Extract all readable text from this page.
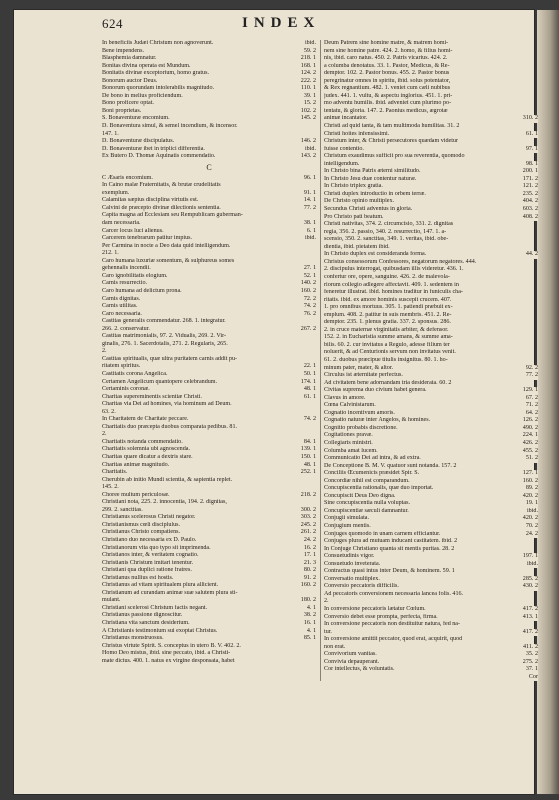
624	INDEX
In beneficiis Judæi Christum non agnoverunt.	ibid.
Bene impendens.	59. 2
Blasphemia damnatur.	218. 1
Bonitas divina operata est Mundum.	168. 1
Bonitatis divinæ exceptorium, homo gratus.	124. 2
Bonorum auctor Deus.	222. 2
Bonorum quorundam intolerabilis magnitudo.	110. 1
De bono in melius proficiendum.	39. 1
Bono proficere optat.	15. 2
Boni proprietas.	102. 2
S. Bonaventuræ encomium.	145. 2
D. Bonaventura simul, & semel incendium, & incensor.
147. 1.
D. Bonaventuræ discipulatus.	146. 2
D. Bonaventuræ ibet in triplici differentia.	ibid.
Ex Butero D. Thomæ Aquinatis commendatio.	143. 2
C
C Æsaris encomium.	96. 1
In Caino malæ Fraternitatis, & brutæ crudelitatis
exemplum.	91. 1
Calamitas sæpius disciplina virtutis est.	14. 1
Calvini de præcepto divinæ dilectionis sententia.	77. 2
Capita magna ad Ecclesiam seu Rempublicam guberman-
dam necessaria.	38. 1
Carcer locus luci alienus.	6. 1
Carcerem tenebrarum patitur impius.	ibid.
Per Carmina in nocte a Deo data quid intelligendum.
212. 1.
Caro humana luxuriæ somentum, & sulphureus somes
gehennalis incendii.	27. 1
Caro ignobilitatis elogium.	52. 1
Carnis resurrectio.	140. 2
Caro humana ad delictum prona.	160. 2
Carnis dignitas.	72. 2
Carnis utilitas.	74. 2
Caro necessaria.	76. 2
Castitas generalis commendatur. 268. 1. integratur.
266. 2. conservatur.	267. 2
Castitas matrimonialis, 97. 2. Vidualis, 269. 2. Vir-
ginalis, 276. 1. Sacerdotalis, 271. 2. Regularis, 265.
2.
Castitas spiritualis, quæ ultra puritatem carnis addit pu-
ritatem spiritus.	22. 1
Castitatis corona Angelica.	50. 1
Certamen Angelicum quantopere celebrandum.	174. 1
Certaminis coronæ.	48. 1
Charitas supereminentis scientiæ Christi.	61. 1
Charitas via Dei ad homines, via hominum ad Deum.
63. 2.
In Charitatem de Charitate peccare.	74. 2
Charitatis duo præcepta duobus comparata pedibus. 81.
2.
Charitatis notanda commendatio.	84. 1
Charitatis solemnia ubi agnoscenda.	139. 1
Charitas quare dicatur a dextris stare.	150. 1
Charitas animæ magnitudo.	48. 1
Charitatis.	252. 1
Cherubin ab initio Mundi scientia, & sapientia replet.
145. 2.
Choree multum periculosæ.	218. 2
Christiani nota, 225. 2. innocentia, 194. 2. dignitas,
299. 2. sanctitas.	300. 2
Christianus scelerosus Christi negator.	303. 2
Christianismus cœli disciplulus.	245. 2
Christianus Christo compatiens.	261. 2
Christiano duo necessaria ex D. Paulo.	24. 2
Christianorum vita quo typo sit imprimenda.	16. 2
Christianos inter, & veritatem cognatio.	17. 1
Christianis Christum imitari tenentur.	21. 3
Christiani qua duplici ratione fratres.	80. 2
Christianus nullius est hostis.	91. 2
Christianus ad vitam spiritualem plura allicient.	160. 2
Christianum ad curandam animæ suæ salutem plura sti-
mulant.	180. 2
Christiani scelerosi Christum factis negant.	4. 1
Christianus passione dignoscitur.	38. 2
Christiana vita sanctum desiderium.	16. 1
A Christianis testimonium sui exoptat Christus.	4. 1
Christianus monstruosus.	85. 1
Christus virtute Spirit. S. conceptus in utero B. V. 402. 2.
Homo Deo mistus, ibid. sine peccato, ibid. a Christi-
mate dictus. 400. 1. natus ex virgine desponsata, habet
Deum Patrem sine homine matre, & matrem homi-
nem sine homine patre. 424. 2. homo, & filius homi-
nis, ibid. caro natus. 450. 2. Patris vicarius. 424. 2.
a columba denotatus. 33. 1. Pastor, Medicus, & Re-
demptor. 102. 2. Pastor bonus. 455. 2. Pastor bonus
peregrinatur omnes in spiritu, ibid. solus potentator,
& Rex regnantium. 482. 1. veniet cum cæli nubibus
judex. 441. 1. vultu, & aspectu inglorius. 451. 1. pri-
mo adventu humilis. ibid. adveniet cum plurimo po-
tentatu, & gloria. 147. 2. Paonius medicus, ægrotæ
animæ incantator.	310. 2
Christi ad quid tanta, & tam multimoda humilitas. 31. 2
Christi hoites infensissimi.	61. 1
Christum inter, & Christi persecutores quædam videtur
fuisse contentio.	97. 1
Christum exaudimus sufficit pro sua reverentia, quomodo
intelligendum.	98. 1
In Christo bina Patris æterni similitudo.	200. 1
In Christo Jesu duæ contentur naturæ.	171. 2
In Christo triplex gratia.	121. 2
Christi duplex introductio in orbem terræ.	235. 2
De Christo opinio multiplex.	404. 2
Secundus Christi adventus in gloria.	603. 2
Pro Christo pati beatum.	408. 2
Christi nativitas, 374. 2. circumcisio, 331. 2. dignitas
regia, 356. 2. passio, 340. 2. resurrectio, 147. 1. a-
scensio, 350. 2. sanctitas, 349. 1. veritas, ibid. obe-
dientia, ibid. pietatem ibid.
In Christo duplex est consideranda forma.	44. 2
Christus consessorum Confessores, negatorum negatores. 444.
2. discipulus interrogat, quibusdam illis videretur. 436. 1.
confertur ore, opere, sanguine. 426. 2. de malevola-
riorum collegio adlegere affectavit. 409. 1. sedentem in
feneretur illustrat. ibid. homines traditur in funiculis cha-
ritatis. ibid. ex amore hominis suscepit crucem. 407.
1. pro omnibus mortuus. 305. 1. patiendi præbuit ex-
emplum. 408. 2. patitur in suis membris. 451. 2. Re-
demptor. 235. 1. plenus gratia. 337. 2. sponsus. 286.
2. in cruce maternæ virginitatis arbiter, & defensor.
152. 2. in Eucharistia summe amans, & summe ama-
bilis. 60. 2. cur invitatus a Regulo, adesse filium ter
noluerit, & ad Centurionis servum non invitatus venit.
61. 2. duobus præcipue titulis insignitus. 80. 1. ho-
minum pater, mater, & altor.	92. 2
Circulus ist æternitate perfectus.	77. 2
Ad civitatem bene adornandam tria desiderata. 60. 2
Civitas suprema duo civium habet genera.	129. 1
Clavus in amore.	67. 2
Cœna Calvinistarum.	71. 2
Cognatio incentivum amoris.	64. 2
Cognatio naturæ inter Angelos, & homines.	126. 2
Cognitio probabis discretione.	490. 2
Cogitationes pravæ.	224. 1
Collegiaris ministri.	426. 2
Columba amat lucem.	455. 2
Communicatio Dei ad intra, & ad extra.	51. 2
De Conceptione B. M. V. quatuor sunt notanda. 157. 2
Conciliis Œcumenicis præsidet Spir. S.	127. 1
Concordiæ nihil est comparandum.	160. 2
Concupiscentia rationalis, quæ duo importat.	89. 2
Concupiscit Deus Deo digna.	420. 2
Sine concupiscentia nulla voluptas.	19. 1
Concupiscentiæ sæculi damnantur.	ibid.
Conjugii simulata.	420. 2
Conjugium mentis.	70. 2
Conjuges quomodo in unam carnem efficiantur.	24. 2
Conjuges plura ad mutuam inducant castitatem. ibid. 2
In Conjuge Christiano quanta sit mentis puritas. 28. 2
Consuetudinis vigor.	197. 1
Consuetudo inveterata.	ibid.
Contractus quasi intus inter Deum, & hominem. 59. 1
Conversatio multiplex.	285. 2
Conversio peccatoris difficilis.	430. 2
Ad peccatoris conversionem necessaria lancea folis. 416.
2.
In conversione peccatoris lætatur Cœlum.	417. 2
Conversio debet esse prompta, perfecta, firma.	413. 1
In conversione peccatoris non destituitur natura, fed na-
tur.	417. 2
In conversione amittit peccator, quod erat, acquirit, quod
non erat.	411. 2
Convivorium vanitas.	35. 2
Convivia depauperant.	275. 2
Cor intellectus, & voluntatis.	37. 1
Cor
